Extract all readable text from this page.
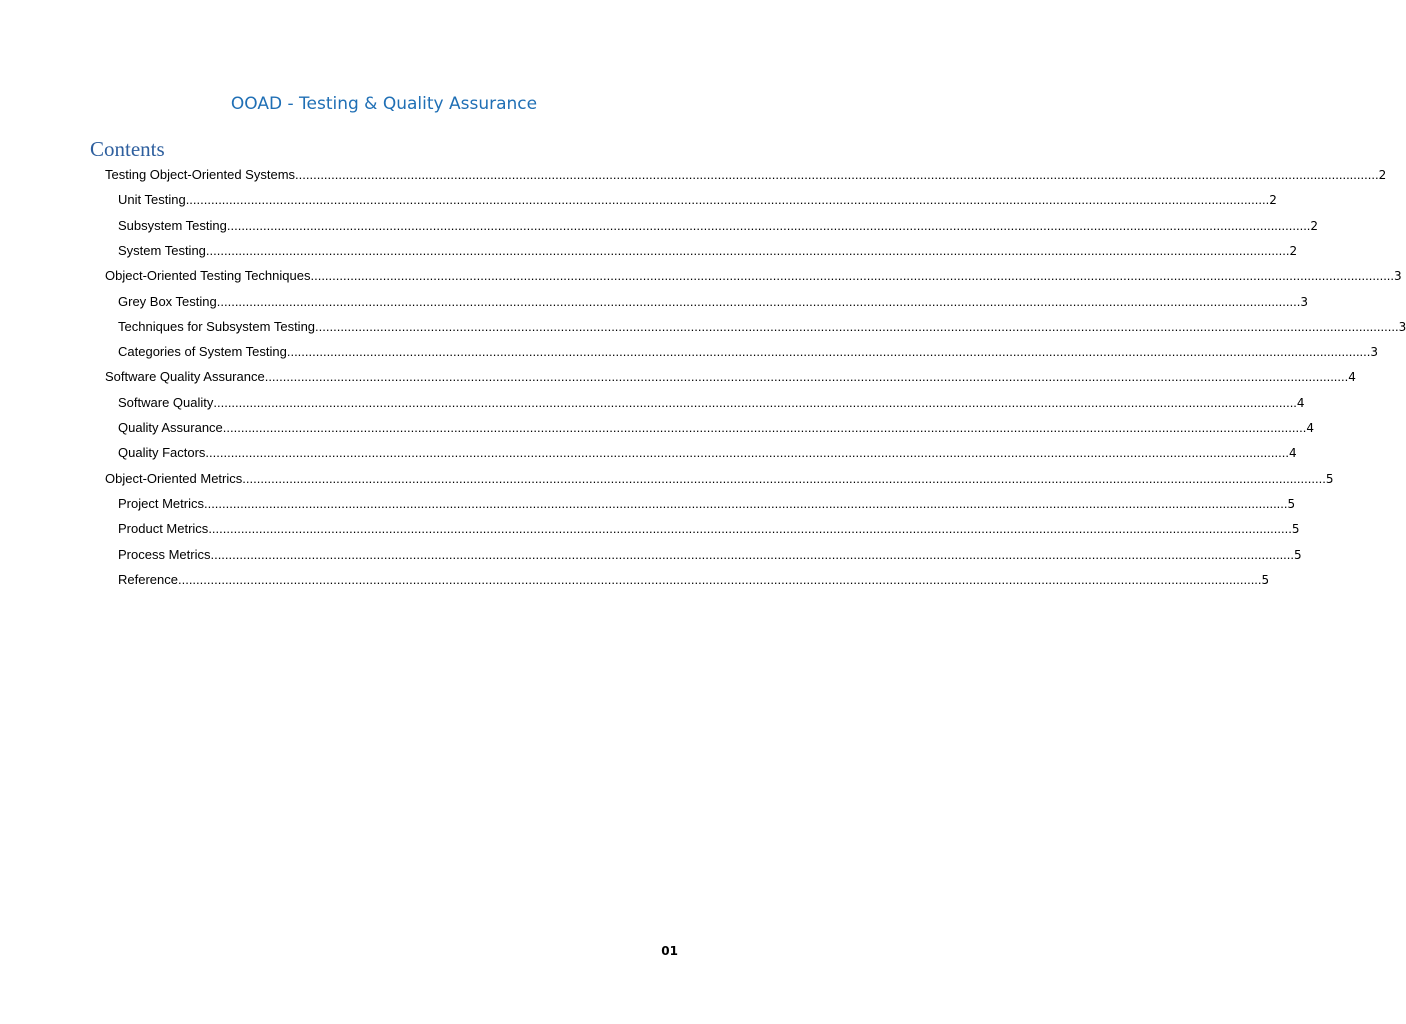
OOAD - Testing & Quality Assurance
Contents
Testing Object-Oriented Systems ............................................................................................................................................................................................................................................................................................................ 2
Unit Testing ............................................................................................................................................................................................................................................................................................................ 2
Subsystem Testing ............................................................................................................................................................................................................................................................................................................ 2
System Testing ............................................................................................................................................................................................................................................................................................................ 2
Object-Oriented Testing Techniques ............................................................................................................................................................................................................................................................................................................ 3
Grey Box Testing ............................................................................................................................................................................................................................................................................................................ 3
Techniques for Subsystem Testing ............................................................................................................................................................................................................................................................................................................ 3
Categories of System Testing ............................................................................................................................................................................................................................................................................................................ 3
Software Quality Assurance ............................................................................................................................................................................................................................................................................................................ 4
Software Quality ............................................................................................................................................................................................................................................................................................................ 4
Quality Assurance ............................................................................................................................................................................................................................................................................................................ 4
Quality Factors ............................................................................................................................................................................................................................................................................................................ 4
Object-Oriented Metrics ............................................................................................................................................................................................................................................................................................................ 5
Project Metrics ............................................................................................................................................................................................................................................................................................................ 5
Product Metrics ............................................................................................................................................................................................................................................................................................................ 5
Process Metrics ............................................................................................................................................................................................................................................................................................................ 5
Reference ............................................................................................................................................................................................................................................................................................................ 5
01
